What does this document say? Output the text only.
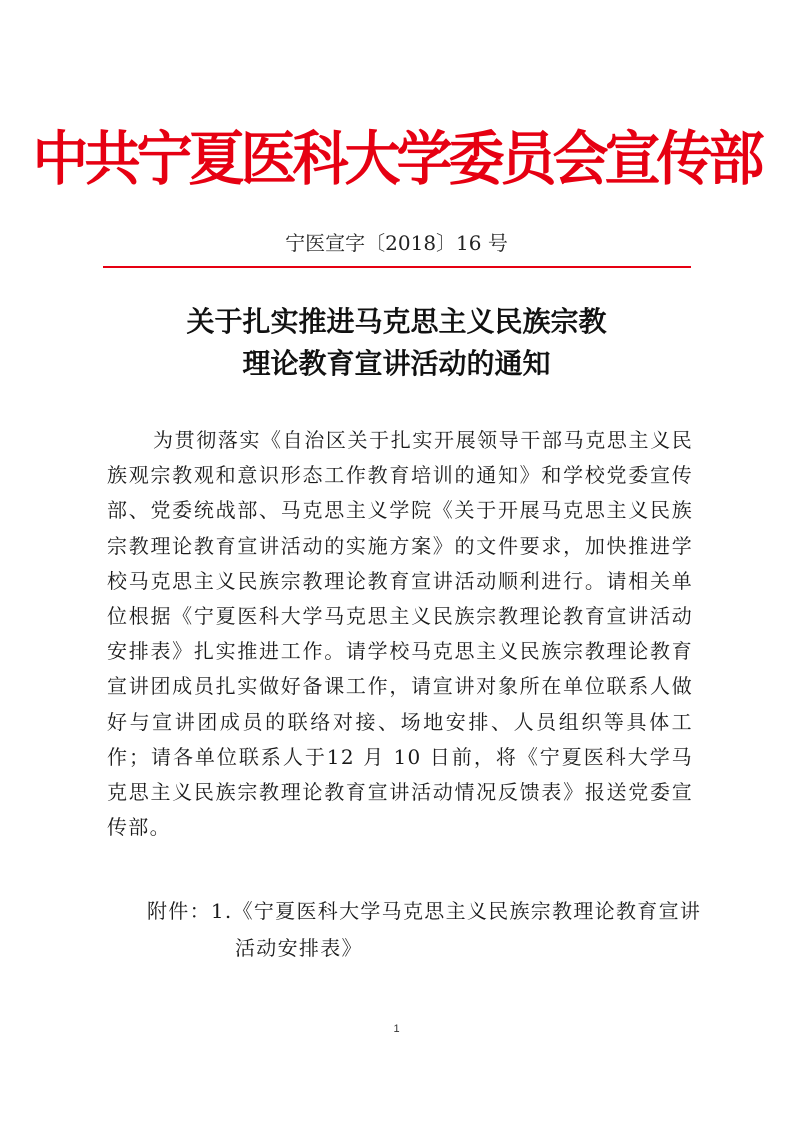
中共宁夏医科大学委员会宣传部
宁医宣字〔2018〕16 号
关于扎实推进马克思主义民族宗教
理论教育宣讲活动的通知
为贯彻落实《自治区关于扎实开展领导干部马克思主义民族观宗教观和意识形态工作教育培训的通知》和学校党委宣传部、党委统战部、马克思主义学院《关于开展马克思主义民族宗教理论教育宣讲活动的实施方案》的文件要求，加快推进学校马克思主义民族宗教理论教育宣讲活动顺利进行。请相关单位根据《宁夏医科大学马克思主义民族宗教理论教育宣讲活动安排表》扎实推进工作。请学校马克思主义民族宗教理论教育宣讲团成员扎实做好备课工作，请宣讲对象所在单位联系人做好与宣讲团成员的联络对接、场地安排、人员组织等具体工作；请各单位联系人于12 月 10 日前，将《宁夏医科大学马克思主义民族宗教理论教育宣讲活动情况反馈表》报送党委宣传部。
附件：1.《宁夏医科大学马克思主义民族宗教理论教育宣讲
活动安排表》
1
